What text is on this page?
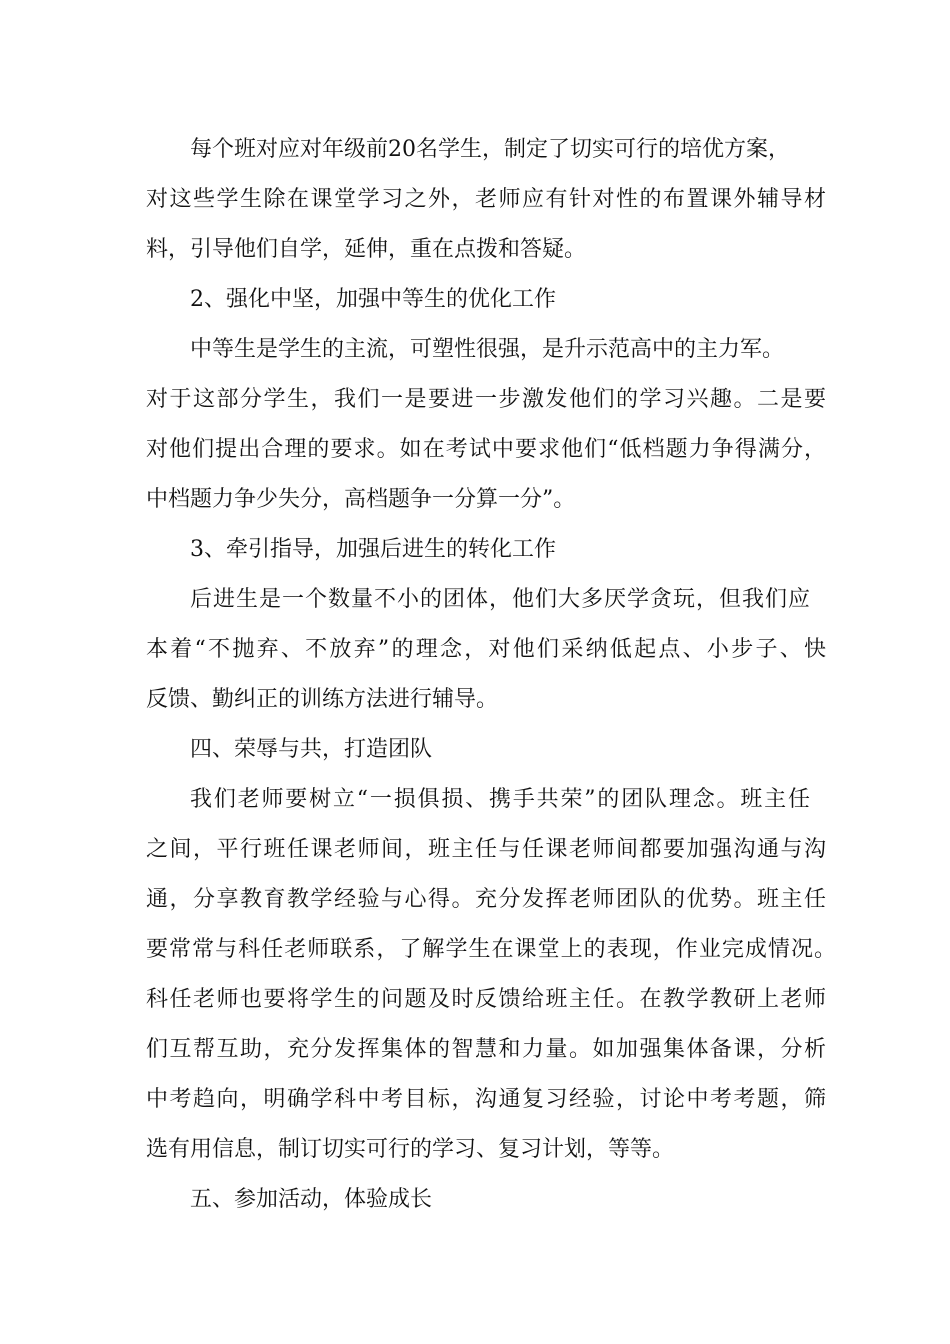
每个班对应对年级前20名学生，制定了切实可行的培优方案，
对这些学生除在课堂学习之外，老师应有针对性的布置课外辅导材
料，引导他们自学，延伸，重在点拨和答疑。
2、强化中坚，加强中等生的优化工作
中等生是学生的主流，可塑性很强，是升示范高中的主力军。
对于这部分学生，我们一是要进一步激发他们的学习兴趣。二是要
对他们提出合理的要求。如在考试中要求他们“低档题力争得满分，
中档题力争少失分，高档题争一分算一分”。
3、牵引指导，加强后进生的转化工作
后进生是一个数量不小的团体，他们大多厌学贪玩，但我们应
本着“不抛弃、不放弃”的理念，对他们采纳低起点、小步子、快
反馈、勤纠正的训练方法进行辅导。
四、荣辱与共，打造团队
我们老师要树立“一损俱损、携手共荣”的团队理念。班主任
之间，平行班任课老师间，班主任与任课老师间都要加强沟通与沟
通，分享教育教学经验与心得。充分发挥老师团队的优势。班主任
要常常与科任老师联系，了解学生在课堂上的表现，作业完成情况。
科任老师也要将学生的问题及时反馈给班主任。在教学教研上老师
们互帮互助，充分发挥集体的智慧和力量。如加强集体备课，分析
中考趋向，明确学科中考目标，沟通复习经验，讨论中考考题，筛
选有用信息，制订切实可行的学习、复习计划，等等。
五、参加活动，体验成长
